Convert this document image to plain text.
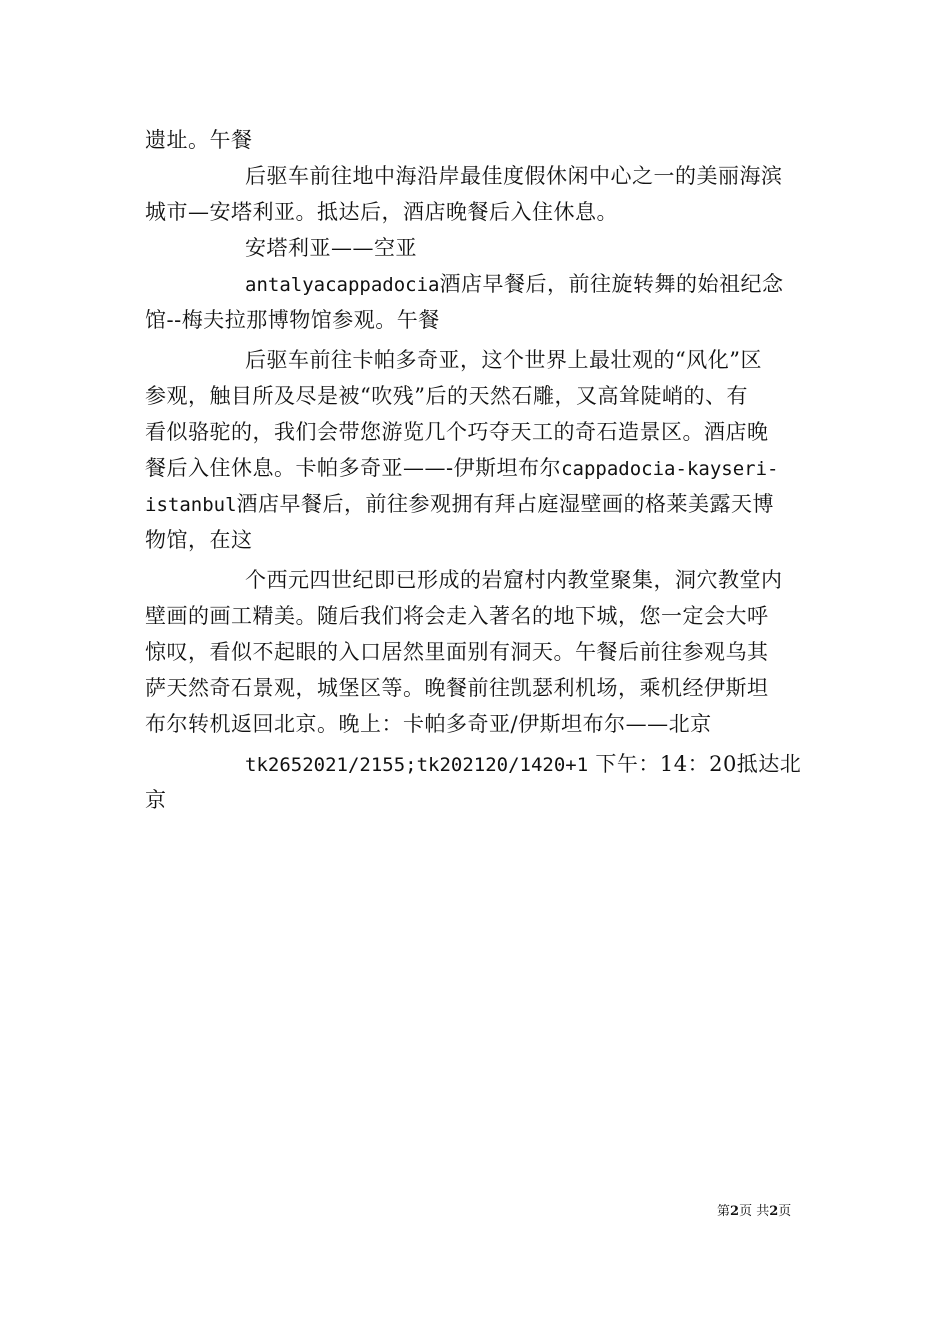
遗址。午餐
后驱车前往地中海沿岸最佳度假休闲中心之一的美丽海滨
城市—安塔利亚。抵达后，酒店晚餐后入住休息。
安塔利亚——空亚
antalyacappadocia酒店早餐后，前往旋转舞的始祖纪念
馆--梅夫拉那博物馆参观。午餐
后驱车前往卡帕多奇亚，这个世界上最壮观的“风化”区
参观，触目所及尽是被“吹残”后的天然石雕，又高耸陡峭的、有
看似骆驼的，我们会带您游览几个巧夺天工的奇石造景区。酒店晚
餐后入住休息。卡帕多奇亚——-伊斯坦布尔cappadocia-kayseri-
istanbul酒店早餐后，前往参观拥有拜占庭湿壁画的格莱美露天博
物馆，在这
个西元四世纪即已形成的岩窟村内教堂聚集，洞穴教堂内
壁画的画工精美。随后我们将会走入著名的地下城，您一定会大呼
惊叹，看似不起眼的入口居然里面别有洞天。午餐后前往参观乌其
萨天然奇石景观，城堡区等。晚餐前往凯瑟利机场，乘机经伊斯坦
布尔转机返回北京。晚上：卡帕多奇亚/伊斯坦布尔——北京
tk2652021/2155;tk202120/1420+1 下午：14：20抵达北
京
第2页 共2页
